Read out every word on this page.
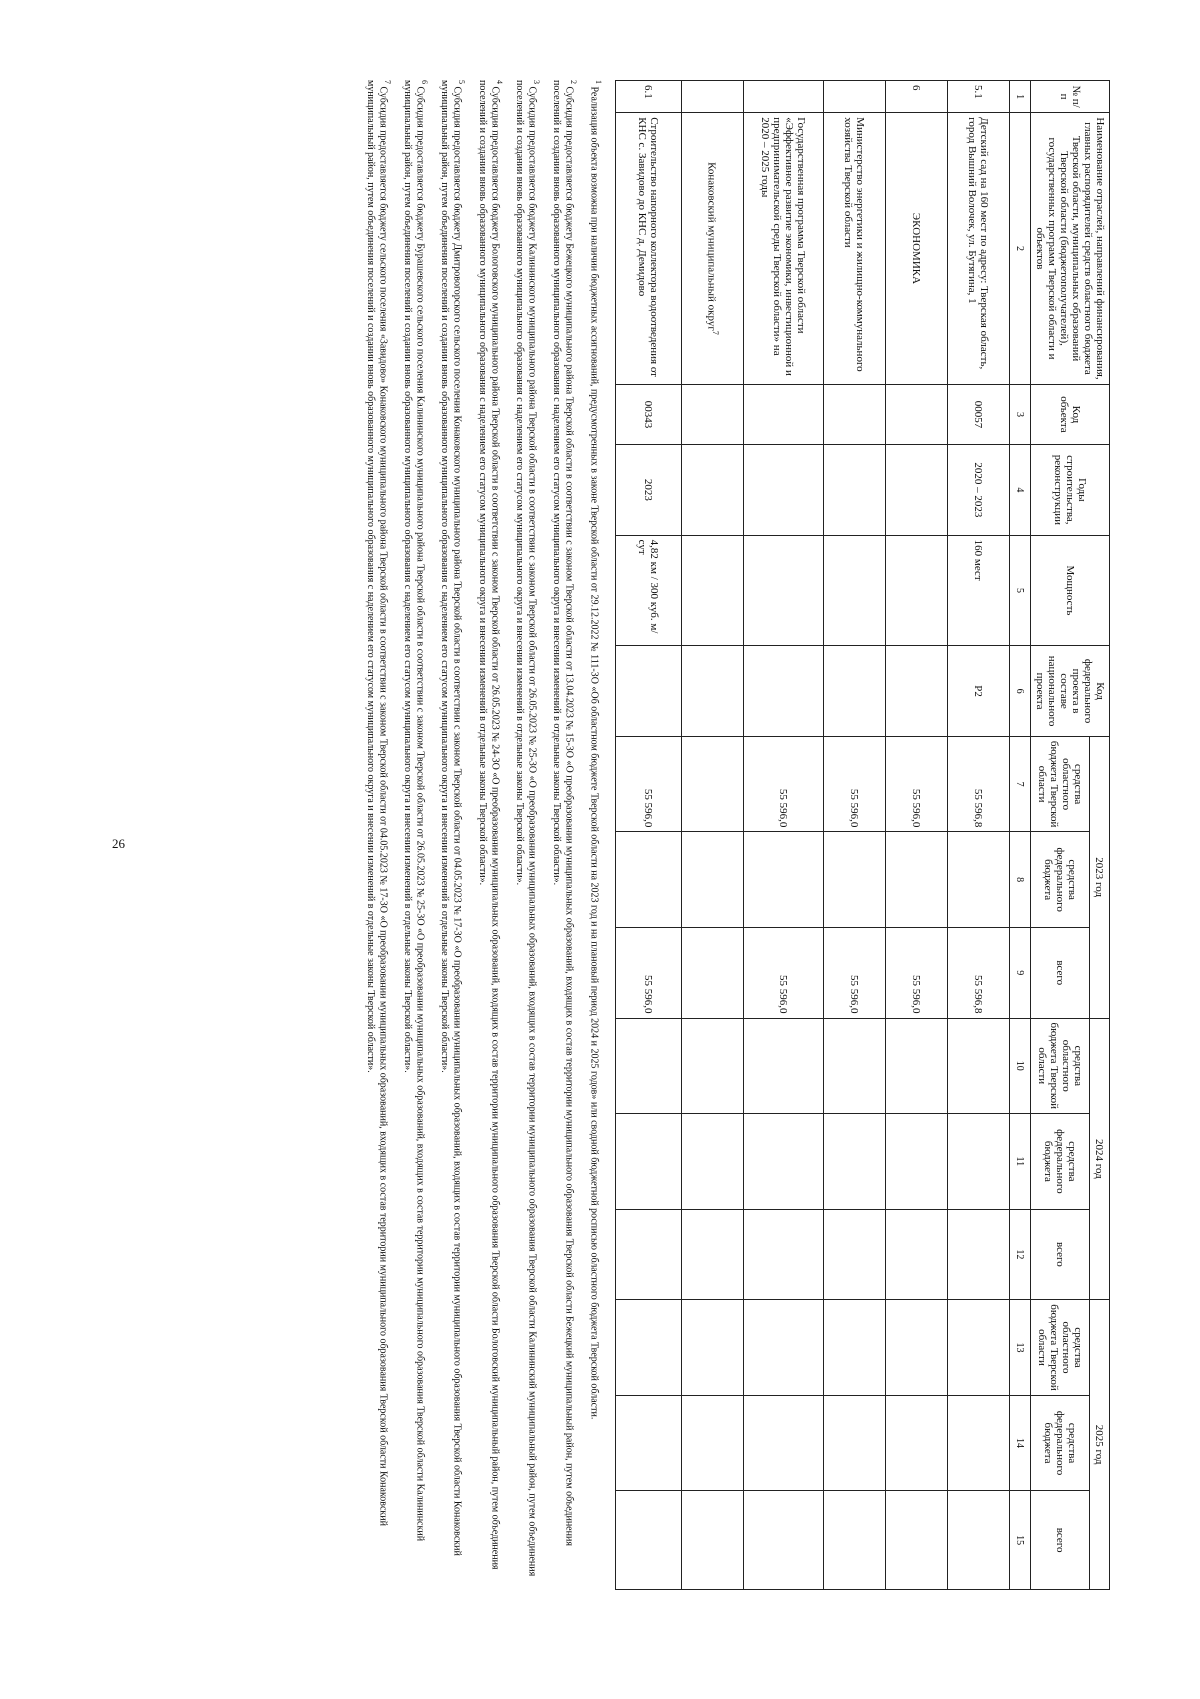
26
№ п/п	Наименование отраслей, направлений финансирования, главных распорядителей средств областного бюджета Тверской области, муниципальных образований Тверской области (бюджетополучателей), государственных программ Тверской области и объектов	Код объекта	Годы строительства, реконструкции	Мощность	Код федерального проекта в составе национального проекта	2023 год			2024 год			2025 год		
						средства областного бюджета Тверской области	средства федерального бюджета	всего	средства областного бюджета Тверской области	средства федерального бюджета	всего	средства областного бюджета Тверской области	средства федерального бюджета	всего
1	2	3	4	5	6	7	8	9	10	11	12	13	14	15
5.1	Детский сад на 160 мест по адресу: Тверская область, город Вышний Волочек, ул. Бутягина, 1	00057	2020 – 2023	160 мест	Р2	55 596,8		55 596,8						
6	ЭКОНОМИКА					55 596,0		55 596,0						
	Министерство энергетики и жилищно-коммунального хозяйства Тверской области					55 596,0		55 596,0						
	Государственная программа Тверской области «Эффективное развитие экономики, инвестиционной и предпринимательской среды Тверской области» на 2020 – 2025 годы					55 596,0		55 596,0						
	Конаковский муниципальный округ$^7$													
6.1	Строительство напорного коллектора водоотведения от КНС с. Завидово до КНС д. Демидово	00343	2023	4,82 км / 300 куб. м/сут		55 596,0		55 596,0						

$^1$ Реализация объекта возможна при наличии бюджетных ассигнований, предусмотренных в законе Тверской области от 29.12.2022 № 111-ЗО «Об областном бюджете Тверской области на 2023 год и на плановый период 2024 и 2025 годов» или сводной бюджетной росписью областного бюджета Тверской области.

$^2$ Субсидия предоставляется бюджету Бежецкого муниципального района Тверской области в соответствии с законом Тверской области от 13.04.2023 № 15-ЗО «О преобразовании муниципальных образований, входящих в состав территории муниципального образования Тверской области Бежецкий муниципальный район, путем объединения поселений и создании вновь образованного муниципального образования с наделением его статусом муниципального округа и внесении изменений в отдельные законы Тверской области».

$^3$ Субсидия предоставляется бюджету Калининского муниципального района Тверской области в соответствии с законом Тверской области от 26.05.2023 № 25-ЗО «О преобразовании муниципальных образований, входящих в состав территории муниципального образования Тверской области Калининский муниципальный район, путем объединения поселений и создании вновь образованного муниципального образования с наделением его статусом муниципального округа и внесении изменений в отдельные законы Тверской области».

$^4$ Субсидия предоставляется бюджету Бологовского муниципального района Тверской области в соответствии с законом Тверской области от 26.05.2023 № 24-ЗО «О преобразовании муниципальных образований, входящих в состав территории муниципального образования Тверской области Бологовский муниципальный район, путем объединения поселений и создании вновь образованного муниципального образования с наделением его статусом муниципального округа и внесении изменений в отдельные законы Тверской области».

$^5$ Субсидия предоставляется бюджету Дмитровогорского сельского поселения Конаковского муниципального района Тверской области в соответствии с законом Тверской области от 04.05.2023 № 17-ЗО «О преобразовании муниципальных образований, входящих в состав территории муниципального образования Тверской области Конаковский муниципальный район, путем объединения поселений и создании вновь образованного муниципального образования с наделением его статусом муниципального округа и внесении изменений в отдельные законы Тверской области».

$^6$ Субсидия предоставляется бюджету Бурашевского сельского поселения Калининского муниципального района Тверской области в соответствии с законом Тверской области от 26.05.2023 № 25-ЗО «О преобразовании муниципальных образований, входящих в состав территории муниципального образования Тверской области Калининский муниципальный район, путем объединения поселений и создании вновь образованного муниципального образования с наделением его статусом муниципального округа и внесении изменений в отдельные законы Тверской области».

$^7$ Субсидия предоставляется бюджету сельского поселения «Завидово» Конаковского муниципального района Тверской области в соответствии с законом Тверской области от 04.05.2023 № 17-ЗО «О преобразовании муниципальных образований, входящих в состав территории муниципального образования Тверской области Конаковский муниципальный район, путем объединения поселений и создании вновь образованного муниципального образования с наделением его статусом муниципального округа и внесении изменений в отдельные законы Тверской области».
